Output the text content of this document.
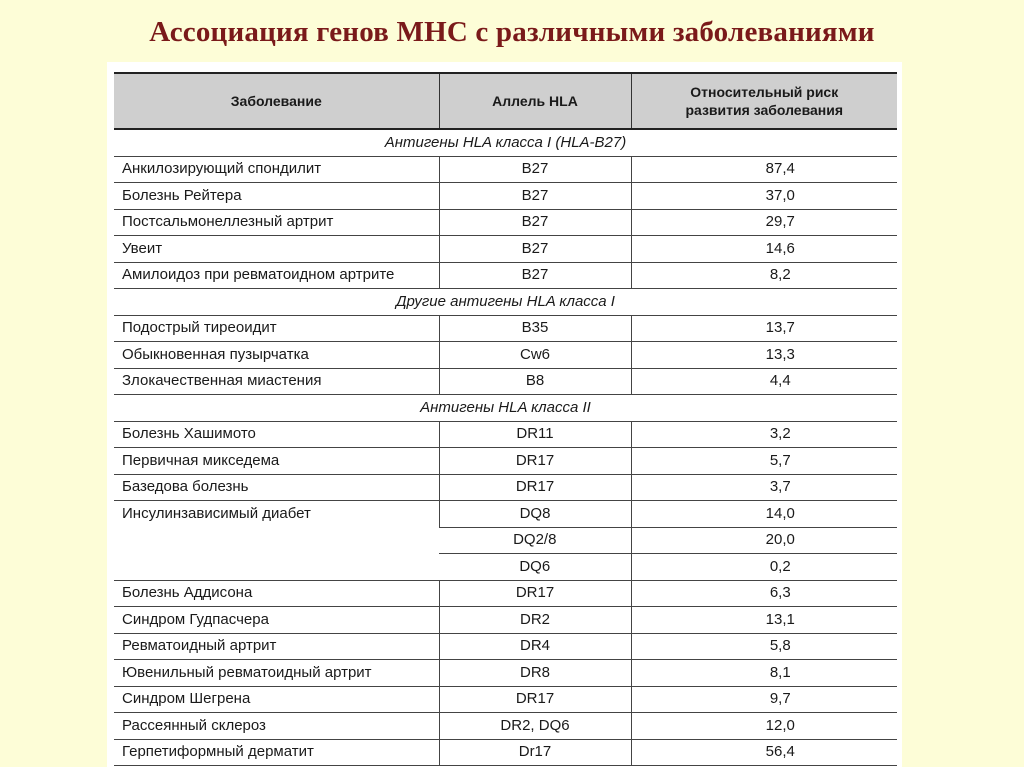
Ассоциация генов МНС с различными заболеваниями
Заболевание	Аллель HLA	Относительный риск
развития заболевания
Антигены HLA класса I (HLA-B27)		
Анкилозирующий спондилит	B27	87,4
Болезнь Рейтера	B27	37,0
Постсальмонеллезный артрит	B27	29,7
Увеит	B27	14,6
Амилоидоз при ревматоидном артрите	B27	8,2
Другие антигены HLA класса I		
Подострый тиреоидит	B35	13,7
Обыкновенная пузырчатка	Cw6	13,3
Злокачественная миастения	B8	4,4
Антигены HLA класса II		
Болезнь Хашимото	DR11	3,2
Первичная микседема	DR17	5,7
Базедова болезнь	DR17	3,7
Инсулинзависимый диабет	DQ8	14,0
	DQ2/8	20,0
	DQ6	0,2
Болезнь Аддисона	DR17	6,3
Синдром Гудпасчера	DR2	13,1
Ревматоидный артрит	DR4	5,8
Ювенильный ревматоидный артрит	DR8	8,1
Синдром Шегрена	DR17	9,7
Рассеянный склероз	DR2, DQ6	12,0
Герпетиформный дерматит	Dr17	56,4
